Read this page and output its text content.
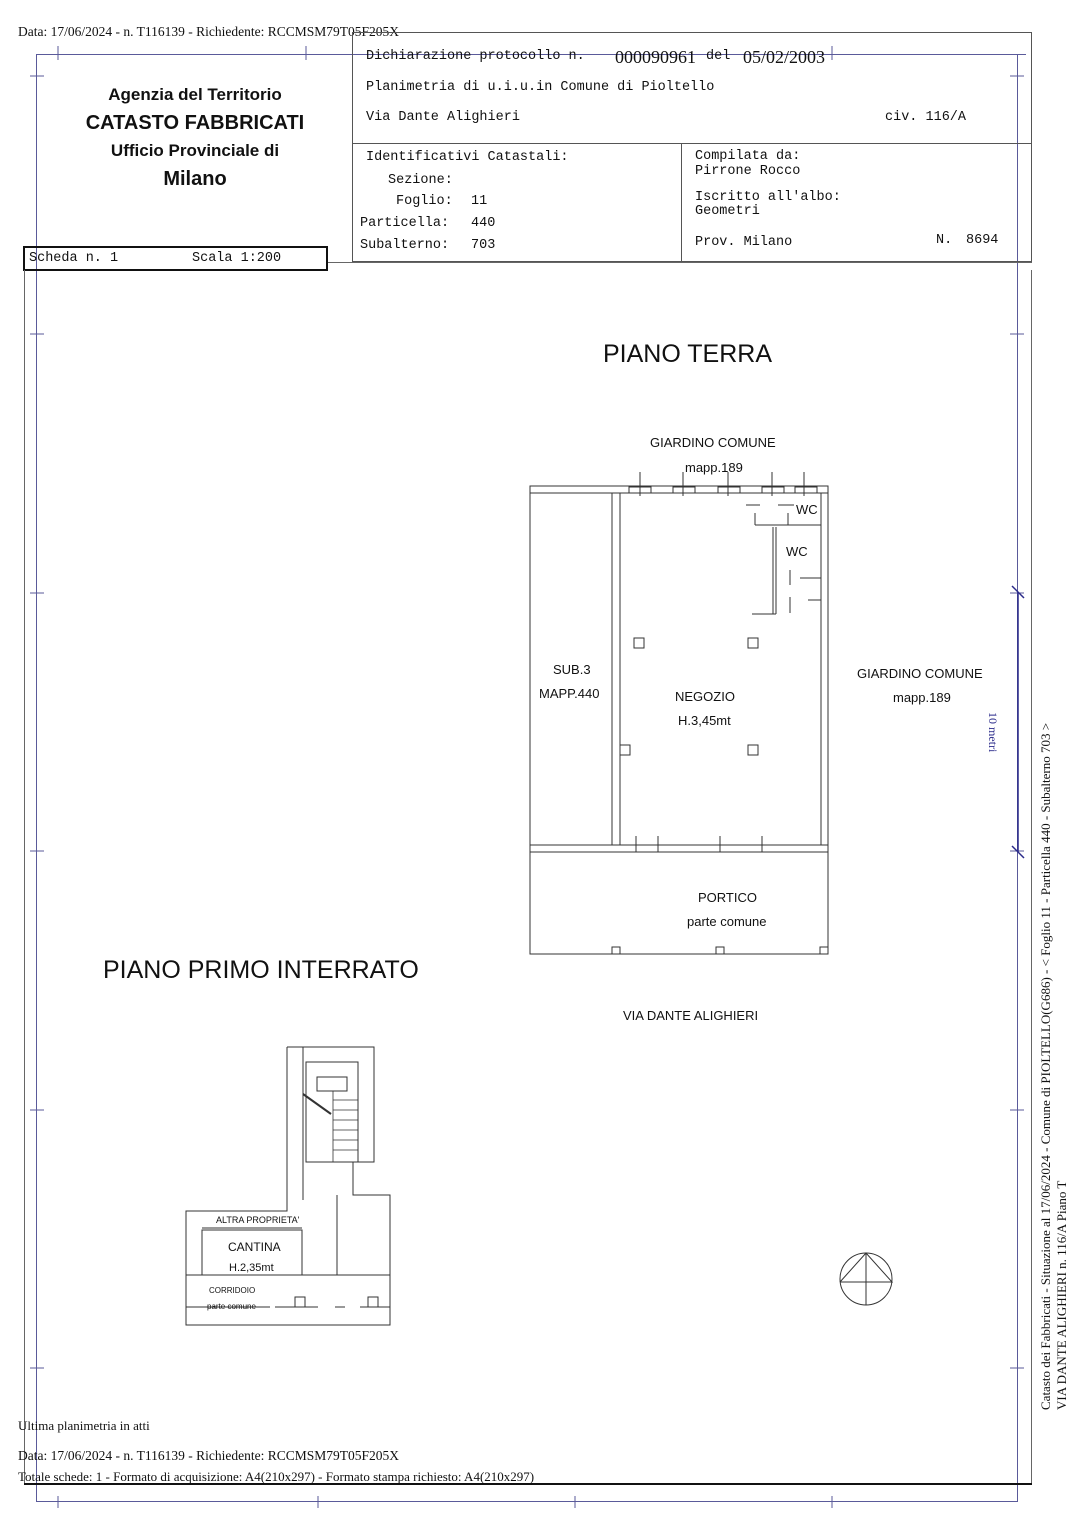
Data: 17/06/2024 - n. T116139 - Richiedente: RCCMSM79T05F205X
Agenzia del Territorio
CATASTO FABBRICATI
Ufficio Provinciale di
Milano
Dichiarazione protocollo n. 000090961 del 05/02/2003
Planimetria di u.i.u.in Comune di Pioltello
Via Dante Alighieri	civ. 116/A
Identificativi Catastali:
Sezione:
Foglio: 11
Particella: 440
Subalterno: 703
Compilata da:
Pirrone Rocco
Iscritto all'albo:
Geometri
Prov. Milano	N. 8694
Scheda n. 1	Scala 1:200
PIANO TERRA
PIANO PRIMO INTERRATO
GIARDINO COMUNE
mapp.189
WC
WC
SUB.3
MAPP.440	NEGOZIO
H.3,45mt
GIARDINO COMUNE
mapp.189
PORTICO
parte comune
VIA DANTE ALIGHIERI
ALTRA PROPRIETA'
CANTINA
H.2,35mt
CORRIDOIO
parte comune
10 metri	Catasto dei Fabbricati - Situazione al 17/06/2024 - Comune di PIOLTELLO(G686) - < Foglio 11 - Particella 440 - Subalterno 703 > VIA DANTE ALIGHIERI n. 116/A Piano T
Ultima planimetria in atti
Data: 17/06/2024 - n. T116139 - Richiedente: RCCMSM79T05F205X
Totale schede: 1 - Formato di acquisizione: A4(210x297) - Formato stampa richiesto: A4(210x297)
